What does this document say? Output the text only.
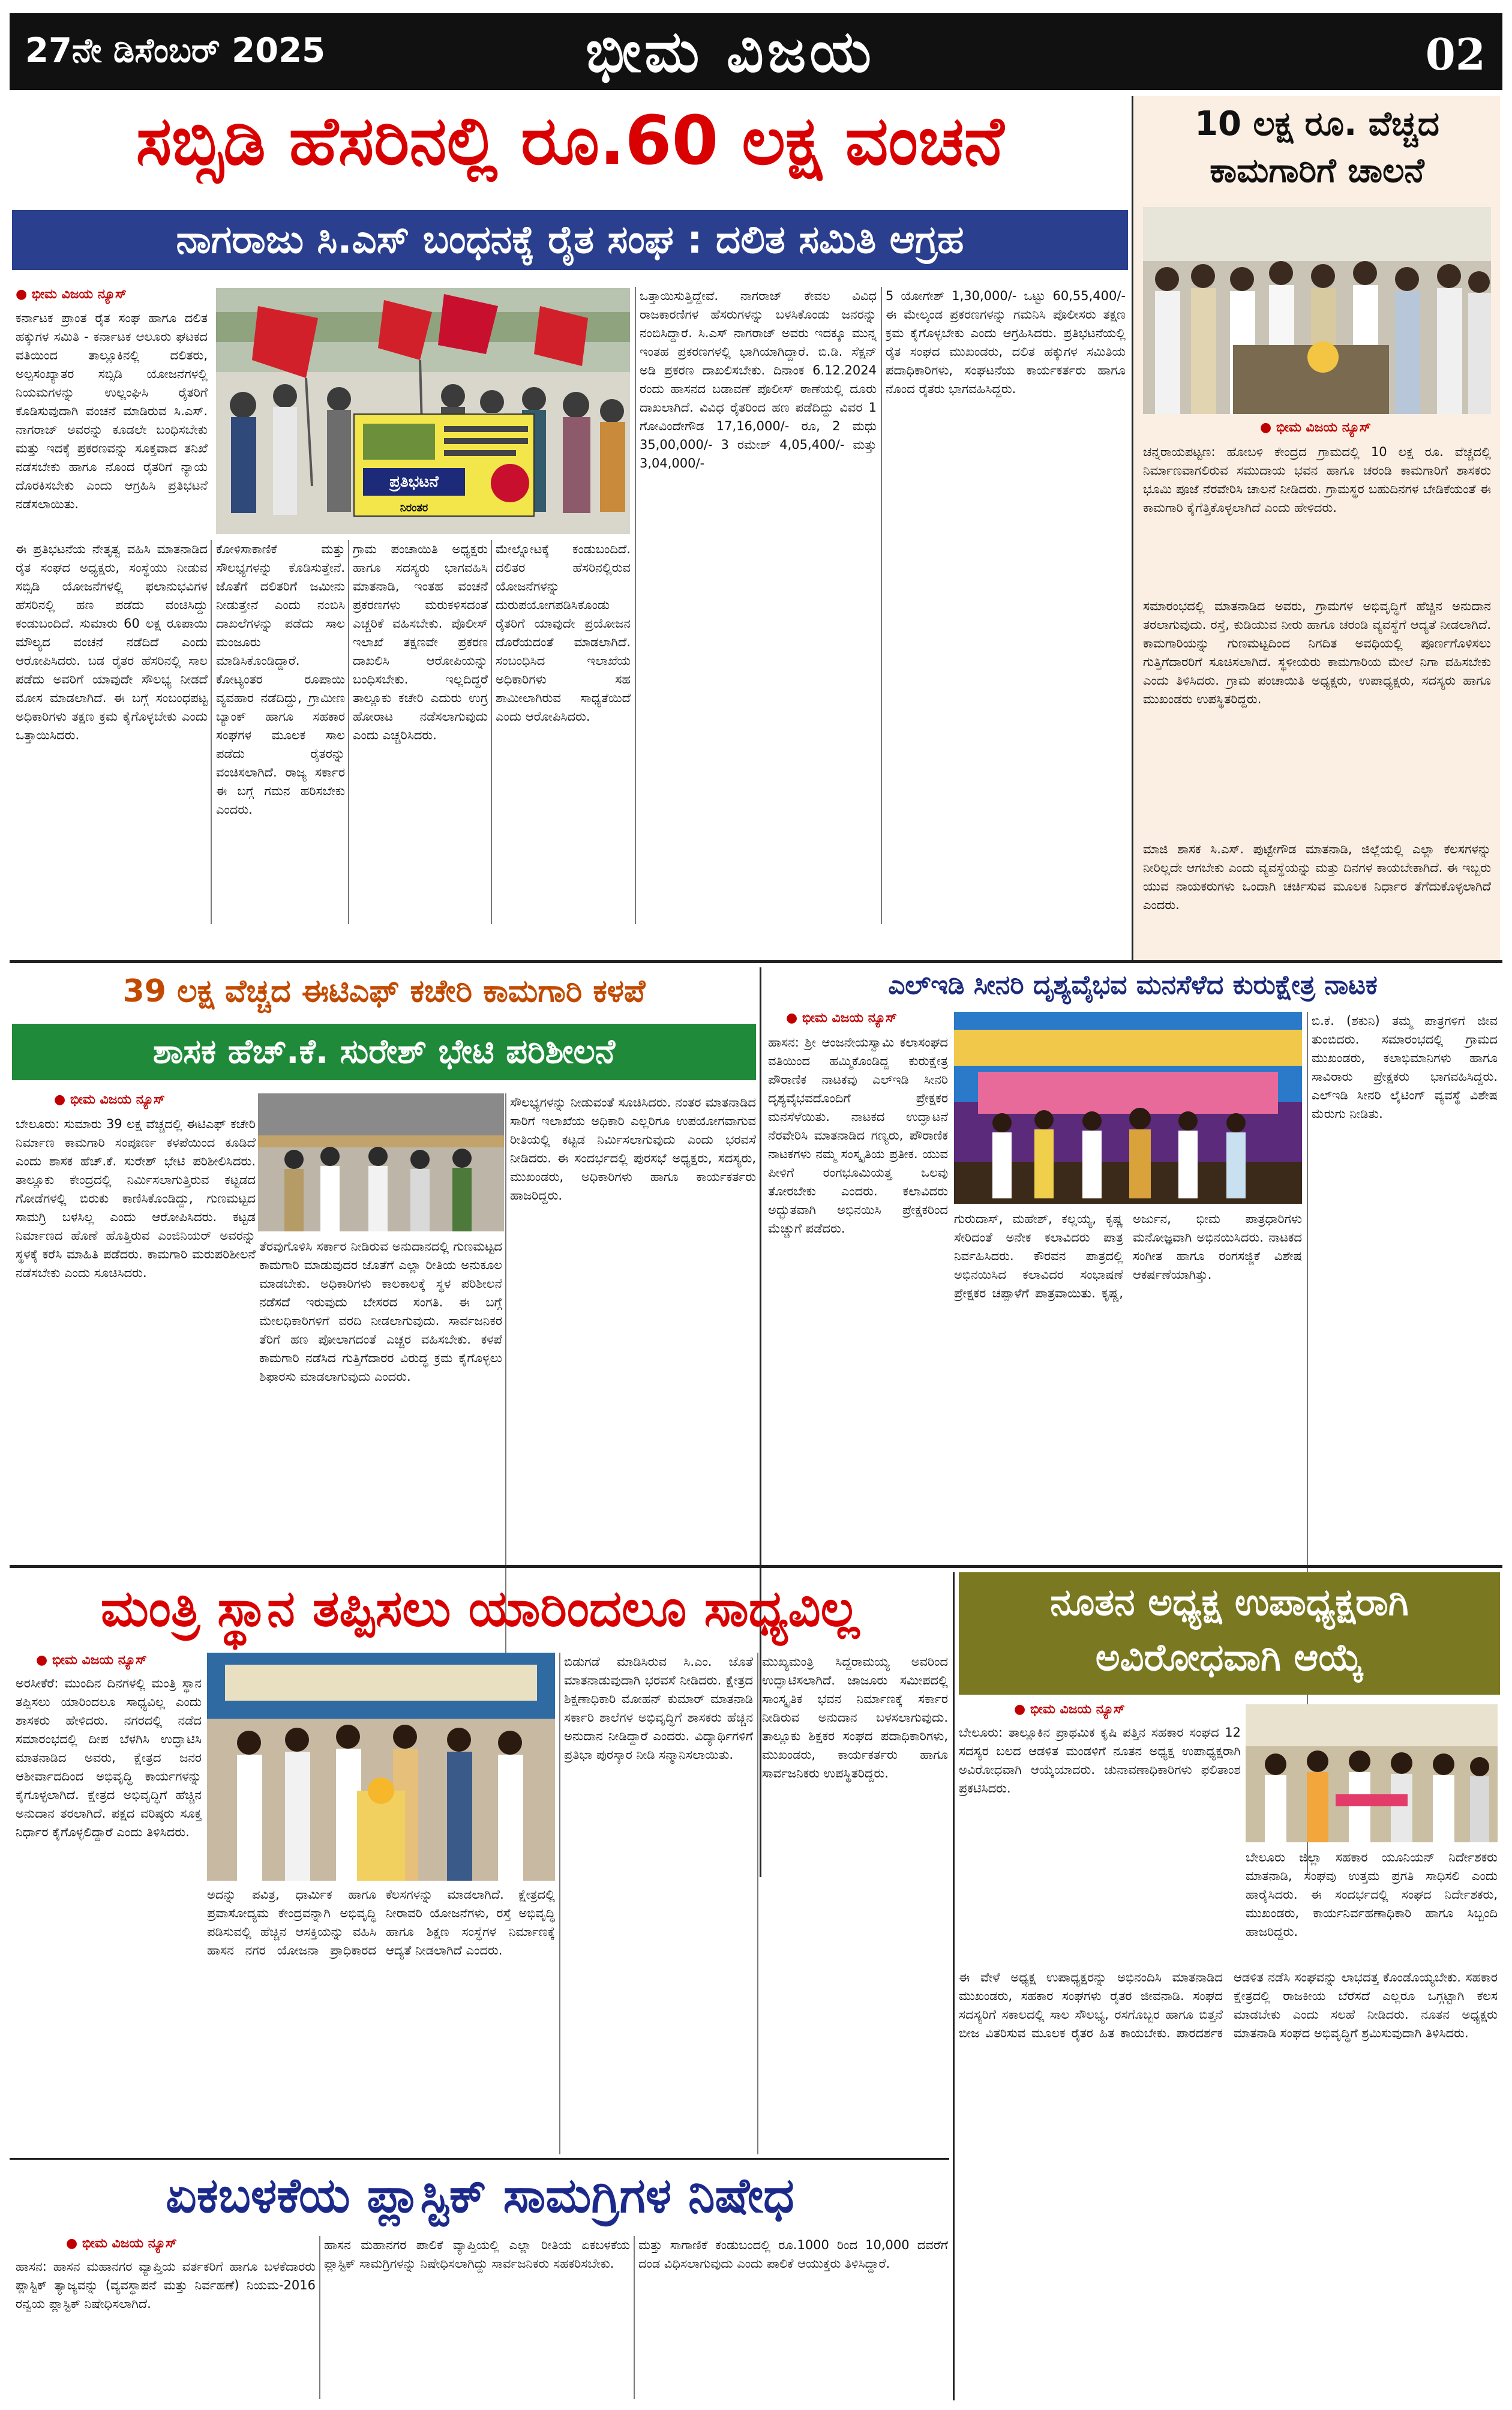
27ನೇ ಡಿಸೆಂಬರ್ 2025	ಭೀಮ ವಿಜಯ	02
ಸಬ್ಸಿಡಿ ಹೆಸರಿನಲ್ಲಿ ರೂ.60 ಲಕ್ಷ ವಂಚನೆ
ನಾಗರಾಜು ಸಿ.ಎಸ್ ಬಂಧನಕ್ಕೆ ರೈತ ಸಂಘ : ದಲಿತ ಸಮಿತಿ ಆಗ್ರಹ
● ಭೀಮ ವಿಜಯ ನ್ಯೂಸ್
ಕರ್ನಾಟಕ ಪ್ರಾಂತ ರೈತ ಸಂಘ ಹಾಗೂ ದಲಿತ ಹಕ್ಕುಗಳ ಸಮಿತಿ - ಕರ್ನಾಟಕ ಆಲೂರು ಘಟಕದ ವತಿಯಿಂದ ತಾಲ್ಲೂಕಿನಲ್ಲಿ ದಲಿತರು, ಅಲ್ಪಸಂಖ್ಯಾತರ ಸಬ್ಸಿಡಿ ಯೋಜನೆಗಳಲ್ಲಿ ನಿಯಮಗಳನ್ನು ಉಲ್ಲಂಘಿಸಿ ರೈತರಿಗೆ ಕೊಡಿಸುವುದಾಗಿ ವಂಚನೆ ಮಾಡಿರುವ ಸಿ.ಎಸ್. ನಾಗರಾಜ್ ಅವರನ್ನು ಕೂಡಲೇ ಬಂಧಿಸಬೇಕು ಮತ್ತು ಇದಕ್ಕೆ ಪ್ರಕರಣವನ್ನು ಸೂಕ್ತವಾದ ತನಿಖೆ ನಡೆಸಬೇಕು ಹಾಗೂ ನೊಂದ ರೈತರಿಗೆ ನ್ಯಾಯ ದೊರಕಿಸಬೇಕು ಎಂದು ಆಗ್ರಹಿಸಿ ಪ್ರತಿಭಟನೆ ನಡೆಸಲಾಯಿತು.
ಪ್ರತಿಭಟನೆ
ನಿರಂತರ
ಈ ಪ್ರತಿಭಟನೆಯ ನೇತೃತ್ವ ವಹಿಸಿ ಮಾತನಾಡಿದ ರೈತ ಸಂಘದ ಅಧ್ಯಕ್ಷರು, ಸಂಸ್ಥೆಯು ನೀಡುವ ಸಬ್ಸಿಡಿ ಯೋಜನೆಗಳಲ್ಲಿ ಫಲಾನುಭವಿಗಳ ಹೆಸರಿನಲ್ಲಿ ಹಣ ಪಡೆದು ವಂಚಿಸಿದ್ದು ಕಂಡುಬಂದಿದೆ. ಸುಮಾರು 60 ಲಕ್ಷ ರೂಪಾಯಿ ಮೌಲ್ಯದ ವಂಚನೆ ನಡೆದಿದೆ ಎಂದು ಆರೋಪಿಸಿದರು. ಬಡ ರೈತರ ಹೆಸರಿನಲ್ಲಿ ಸಾಲ ಪಡೆದು ಅವರಿಗೆ ಯಾವುದೇ ಸೌಲಭ್ಯ ನೀಡದೆ ಮೋಸ ಮಾಡಲಾಗಿದೆ. ಈ ಬಗ್ಗೆ ಸಂಬಂಧಪಟ್ಟ ಅಧಿಕಾರಿಗಳು ತಕ್ಷಣ ಕ್ರಮ ಕೈಗೊಳ್ಳಬೇಕು ಎಂದು ಒತ್ತಾಯಿಸಿದರು.
ಕೋಳಿಸಾಕಾಣಿಕೆ ಮತ್ತು ಸೌಲಭ್ಯಗಳನ್ನು ಕೊಡಿಸುತ್ತೇನೆ. ಜೊತೆಗೆ ದಲಿತರಿಗೆ ಜಮೀನು ನೀಡುತ್ತೇನೆ ಎಂದು ನಂಬಿಸಿ ದಾಖಲೆಗಳನ್ನು ಪಡೆದು ಸಾಲ ಮಂಜೂರು ಮಾಡಿಸಿಕೊಂಡಿದ್ದಾರೆ. ಕೋಟ್ಯಂತರ ರೂಪಾಯಿ ವ್ಯವಹಾರ ನಡೆದಿದ್ದು, ಗ್ರಾಮೀಣ ಬ್ಯಾಂಕ್ ಹಾಗೂ ಸಹಕಾರ ಸಂಘಗಳ ಮೂಲಕ ಸಾಲ ಪಡೆದು ರೈತರನ್ನು ವಂಚಿಸಲಾಗಿದೆ. ರಾಜ್ಯ ಸರ್ಕಾರ ಈ ಬಗ್ಗೆ ಗಮನ ಹರಿಸಬೇಕು ಎಂದರು.
ಗ್ರಾಮ ಪಂಚಾಯಿತಿ ಅಧ್ಯಕ್ಷರು ಹಾಗೂ ಸದಸ್ಯರು ಭಾಗವಹಿಸಿ ಮಾತನಾಡಿ, ಇಂತಹ ವಂಚನೆ ಪ್ರಕರಣಗಳು ಮರುಕಳಿಸದಂತೆ ಎಚ್ಚರಿಕೆ ವಹಿಸಬೇಕು. ಪೊಲೀಸ್ ಇಲಾಖೆ ತಕ್ಷಣವೇ ಪ್ರಕರಣ ದಾಖಲಿಸಿ ಆರೋಪಿಯನ್ನು ಬಂಧಿಸಬೇಕು. ಇಲ್ಲದಿದ್ದರೆ ತಾಲ್ಲೂಕು ಕಚೇರಿ ಎದುರು ಉಗ್ರ ಹೋರಾಟ ನಡೆಸಲಾಗುವುದು ಎಂದು ಎಚ್ಚರಿಸಿದರು.
ಮೇಲ್ನೋಟಕ್ಕೆ ಕಂಡುಬಂದಿದೆ. ದಲಿತರ ಹೆಸರಿನಲ್ಲಿರುವ ಯೋಜನೆಗಳನ್ನು ದುರುಪಯೋಗಪಡಿಸಿಕೊಂಡು ರೈತರಿಗೆ ಯಾವುದೇ ಪ್ರಯೋಜನ ದೊರೆಯದಂತೆ ಮಾಡಲಾಗಿದೆ. ಸಂಬಂಧಿಸಿದ ಇಲಾಖೆಯ ಅಧಿಕಾರಿಗಳು ಸಹ ಶಾಮೀಲಾಗಿರುವ ಸಾಧ್ಯತೆಯಿದೆ ಎಂದು ಆರೋಪಿಸಿದರು.
ಒತ್ತಾಯಿಸುತ್ತಿದ್ದೇವೆ. ನಾಗರಾಜ್ ಕೇವಲ ವಿವಿಧ ರಾಜಕಾರಣಿಗಳ ಹೆಸರುಗಳನ್ನು ಬಳಸಿಕೊಂಡು ಜನರನ್ನು ನಂಬಿಸಿದ್ದಾರೆ. ಸಿ.ಎಸ್ ನಾಗರಾಜ್ ಅವರು ಇದಕ್ಕೂ ಮುನ್ನ ಇಂತಹ ಪ್ರಕರಣಗಳಲ್ಲಿ ಭಾಗಿಯಾಗಿದ್ದಾರೆ. ಬಿ.ಡಿ. ಸೆಕ್ಷನ್ ಅಡಿ ಪ್ರಕರಣ ದಾಖಲಿಸಬೇಕು. ದಿನಾಂಕ 6.12.2024 ರಂದು ಹಾಸನದ ಬಡಾವಣೆ ಪೊಲೀಸ್ ಠಾಣೆಯಲ್ಲಿ ದೂರು ದಾಖಲಾಗಿದೆ. ವಿವಿಧ ರೈತರಿಂದ ಹಣ ಪಡೆದಿದ್ದು ವಿವರ 1 ಗೋವಿಂದೇಗೌಡ 17,16,000/- ರೂ, 2 ಮಧು 35,00,000/- 3 ರಮೇಶ್ 4,05,400/- ಮತ್ತು 3,04,000/-
5 ಯೋಗೇಶ್ 1,30,000/- ಒಟ್ಟು 60,55,400/- ಈ ಮೇಲ್ಕಂಡ ಪ್ರಕರಣಗಳನ್ನು ಗಮನಿಸಿ ಪೊಲೀಸರು ತಕ್ಷಣ ಕ್ರಮ ಕೈಗೊಳ್ಳಬೇಕು ಎಂದು ಆಗ್ರಹಿಸಿದರು. ಪ್ರತಿಭಟನೆಯಲ್ಲಿ ರೈತ ಸಂಘದ ಮುಖಂಡರು, ದಲಿತ ಹಕ್ಕುಗಳ ಸಮಿತಿಯ ಪದಾಧಿಕಾರಿಗಳು, ಸಂಘಟನೆಯ ಕಾರ್ಯಕರ್ತರು ಹಾಗೂ ನೊಂದ ರೈತರು ಭಾಗವಹಿಸಿದ್ದರು.
10 ಲಕ್ಷ ರೂ. ವೆಚ್ಚದ ಕಾಮಗಾರಿಗೆ ಚಾಲನೆ
● ಭೀಮ ವಿಜಯ ನ್ಯೂಸ್
ಚನ್ನರಾಯಪಟ್ಟಣ: ಹೋಬಳಿ ಕೇಂದ್ರದ ಗ್ರಾಮದಲ್ಲಿ 10 ಲಕ್ಷ ರೂ. ವೆಚ್ಚದಲ್ಲಿ ನಿರ್ಮಾಣವಾಗಲಿರುವ ಸಮುದಾಯ ಭವನ ಹಾಗೂ ಚರಂಡಿ ಕಾಮಗಾರಿಗೆ ಶಾಸಕರು ಭೂಮಿ ಪೂಜೆ ನೆರವೇರಿಸಿ ಚಾಲನೆ ನೀಡಿದರು. ಗ್ರಾಮಸ್ಥರ ಬಹುದಿನಗಳ ಬೇಡಿಕೆಯಂತೆ ಈ ಕಾಮಗಾರಿ ಕೈಗೆತ್ತಿಕೊಳ್ಳಲಾಗಿದೆ ಎಂದು ಹೇಳಿದರು.
ಸಮಾರಂಭದಲ್ಲಿ ಮಾತನಾಡಿದ ಅವರು, ಗ್ರಾಮಗಳ ಅಭಿವೃದ್ಧಿಗೆ ಹೆಚ್ಚಿನ ಅನುದಾನ ತರಲಾಗುವುದು. ರಸ್ತೆ, ಕುಡಿಯುವ ನೀರು ಹಾಗೂ ಚರಂಡಿ ವ್ಯವಸ್ಥೆಗೆ ಆದ್ಯತೆ ನೀಡಲಾಗಿದೆ. ಕಾಮಗಾರಿಯನ್ನು ಗುಣಮಟ್ಟದಿಂದ ನಿಗದಿತ ಅವಧಿಯಲ್ಲಿ ಪೂರ್ಣಗೊಳಿಸಲು ಗುತ್ತಿಗೆದಾರರಿಗೆ ಸೂಚಿಸಲಾಗಿದೆ. ಸ್ಥಳೀಯರು ಕಾಮಗಾರಿಯ ಮೇಲೆ ನಿಗಾ ವಹಿಸಬೇಕು ಎಂದು ತಿಳಿಸಿದರು. ಗ್ರಾಮ ಪಂಚಾಯಿತಿ ಅಧ್ಯಕ್ಷರು, ಉಪಾಧ್ಯಕ್ಷರು, ಸದಸ್ಯರು ಹಾಗೂ ಮುಖಂಡರು ಉಪಸ್ಥಿತರಿದ್ದರು.
ಮಾಜಿ ಶಾಸಕ ಸಿ.ಎಸ್. ಪುಟ್ಟೇಗೌಡ ಮಾತನಾಡಿ, ಜಿಲ್ಲೆಯಲ್ಲಿ ಎಲ್ಲಾ ಕೆಲಸಗಳನ್ನು ನೀರಿಲ್ಲದೇ ಆಗಬೇಕು ಎಂದು ವ್ಯವಸ್ಥೆಯನ್ನು ಮತ್ತು ದಿನಗಳ ಕಾಯಬೇಕಾಗಿದೆ. ಈ ಇಬ್ಬರು ಯುವ ನಾಯಕರುಗಳು ಒಂದಾಗಿ ಚರ್ಚಿಸುವ ಮೂಲಕ ನಿರ್ಧಾರ ತೆಗೆದುಕೊಳ್ಳಲಾಗಿದೆ ಎಂದರು.
39 ಲಕ್ಷ ವೆಚ್ಚದ ಈಟಿಎಫ್ ಕಚೇರಿ ಕಾಮಗಾರಿ ಕಳಪೆ
ಶಾಸಕ ಹೆಚ್.ಕೆ. ಸುರೇಶ್ ಭೇಟಿ ಪರಿಶೀಲನೆ
● ಭೀಮ ವಿಜಯ ನ್ಯೂಸ್
ಬೇಲೂರು: ಸುಮಾರು 39 ಲಕ್ಷ ವೆಚ್ಚದಲ್ಲಿ ಈಟಿಎಫ್ ಕಚೇರಿ ನಿರ್ಮಾಣ ಕಾಮಗಾರಿ ಸಂಪೂರ್ಣ ಕಳಪೆಯಿಂದ ಕೂಡಿದೆ ಎಂದು ಶಾಸಕ ಹೆಚ್.ಕೆ. ಸುರೇಶ್ ಭೇಟಿ ಪರಿಶೀಲಿಸಿದರು. ತಾಲ್ಲೂಕು ಕೇಂದ್ರದಲ್ಲಿ ನಿರ್ಮಿಸಲಾಗುತ್ತಿರುವ ಕಟ್ಟಡದ ಗೋಡೆಗಳಲ್ಲಿ ಬಿರುಕು ಕಾಣಿಸಿಕೊಂಡಿದ್ದು, ಗುಣಮಟ್ಟದ ಸಾಮಗ್ರಿ ಬಳಸಿಲ್ಲ ಎಂದು ಆರೋಪಿಸಿದರು. ಕಟ್ಟಡ ನಿರ್ಮಾಣದ ಹೊಣೆ ಹೊತ್ತಿರುವ ಎಂಜಿನಿಯರ್ ಅವರನ್ನು ಸ್ಥಳಕ್ಕೆ ಕರೆಸಿ ಮಾಹಿತಿ ಪಡೆದರು. ಕಾಮಗಾರಿ ಮರುಪರಿಶೀಲನೆ ನಡೆಸಬೇಕು ಎಂದು ಸೂಚಿಸಿದರು.
ತೆರವುಗೊಳಿಸಿ ಸರ್ಕಾರ ನೀಡಿರುವ ಅನುದಾನದಲ್ಲಿ ಗುಣಮಟ್ಟದ ಕಾಮಗಾರಿ ಮಾಡುವುದರ ಜೊತೆಗೆ ಎಲ್ಲಾ ರೀತಿಯ ಅನುಕೂಲ ಮಾಡಬೇಕು. ಅಧಿಕಾರಿಗಳು ಕಾಲಕಾಲಕ್ಕೆ ಸ್ಥಳ ಪರಿಶೀಲನೆ ನಡೆಸದೆ ಇರುವುದು ಬೇಸರದ ಸಂಗತಿ. ಈ ಬಗ್ಗೆ ಮೇಲಧಿಕಾರಿಗಳಿಗೆ ವರದಿ ನೀಡಲಾಗುವುದು. ಸಾರ್ವಜನಿಕರ ತೆರಿಗೆ ಹಣ ಪೋಲಾಗದಂತೆ ಎಚ್ಚರ ವಹಿಸಬೇಕು. ಕಳಪೆ ಕಾಮಗಾರಿ ನಡೆಸಿದ ಗುತ್ತಿಗೆದಾರರ ವಿರುದ್ಧ ಕ್ರಮ ಕೈಗೊಳ್ಳಲು ಶಿಫಾರಸು ಮಾಡಲಾಗುವುದು ಎಂದರು.
ಸೌಲಭ್ಯಗಳನ್ನು ನೀಡುವಂತೆ ಸೂಚಿಸಿದರು. ನಂತರ ಮಾತನಾಡಿದ ಸಾರಿಗೆ ಇಲಾಖೆಯ ಅಧಿಕಾರಿ ಎಲ್ಲರಿಗೂ ಉಪಯೋಗವಾಗುವ ರೀತಿಯಲ್ಲಿ ಕಟ್ಟಡ ನಿರ್ಮಿಸಲಾಗುವುದು ಎಂದು ಭರವಸೆ ನೀಡಿದರು. ಈ ಸಂದರ್ಭದಲ್ಲಿ ಪುರಸಭೆ ಅಧ್ಯಕ್ಷರು, ಸದಸ್ಯರು, ಮುಖಂಡರು, ಅಧಿಕಾರಿಗಳು ಹಾಗೂ ಕಾರ್ಯಕರ್ತರು ಹಾಜರಿದ್ದರು.
ಎಲ್ಇಡಿ ಸೀನರಿ ದೃಶ್ಯವೈಭವ ಮನಸೆಳೆದ ಕುರುಕ್ಷೇತ್ರ ನಾಟಕ
● ಭೀಮ ವಿಜಯ ನ್ಯೂಸ್
ಹಾಸನ: ಶ್ರೀ ಆಂಜನೇಯಸ್ವಾಮಿ ಕಲಾಸಂಘದ ವತಿಯಿಂದ ಹಮ್ಮಿಕೊಂಡಿದ್ದ ಕುರುಕ್ಷೇತ್ರ ಪೌರಾಣಿಕ ನಾಟಕವು ಎಲ್ಇಡಿ ಸೀನರಿ ದೃಶ್ಯವೈಭವದೊಂದಿಗೆ ಪ್ರೇಕ್ಷಕರ ಮನಸೆಳೆಯಿತು. ನಾಟಕದ ಉದ್ಘಾಟನೆ ನೆರವೇರಿಸಿ ಮಾತನಾಡಿದ ಗಣ್ಯರು, ಪೌರಾಣಿಕ ನಾಟಕಗಳು ನಮ್ಮ ಸಂಸ್ಕೃತಿಯ ಪ್ರತೀಕ. ಯುವ ಪೀಳಿಗೆ ರಂಗಭೂಮಿಯತ್ತ ಒಲವು ತೋರಬೇಕು ಎಂದರು. ಕಲಾವಿದರು ಅದ್ಭುತವಾಗಿ ಅಭಿನಯಿಸಿ ಪ್ರೇಕ್ಷಕರಿಂದ ಮೆಚ್ಚುಗೆ ಪಡೆದರು.
ಗುರುದಾಸ್, ಮಹೇಶ್, ಕಲ್ಲಯ್ಯ, ಕೃಷ್ಣ ಸೇರಿದಂತೆ ಅನೇಕ ಕಲಾವಿದರು ಪಾತ್ರ ನಿರ್ವಹಿಸಿದರು. ಕೌರವನ ಪಾತ್ರದಲ್ಲಿ ಅಭಿನಯಿಸಿದ ಕಲಾವಿದರ ಸಂಭಾಷಣೆ ಪ್ರೇಕ್ಷಕರ ಚಪ್ಪಾಳೆಗೆ ಪಾತ್ರವಾಯಿತು. ಕೃಷ್ಣ, ಅರ್ಜುನ, ಭೀಮ ಪಾತ್ರಧಾರಿಗಳು ಮನೋಜ್ಞವಾಗಿ ಅಭಿನಯಿಸಿದರು. ನಾಟಕದ ಸಂಗೀತ ಹಾಗೂ ರಂಗಸಜ್ಜಿಕೆ ವಿಶೇಷ ಆಕರ್ಷಣೆಯಾಗಿತ್ತು.
ಬಿ.ಕೆ. (ಶಕುನಿ) ತಮ್ಮ ಪಾತ್ರಗಳಿಗೆ ಜೀವ ತುಂಬಿದರು. ಸಮಾರಂಭದಲ್ಲಿ ಗ್ರಾಮದ ಮುಖಂಡರು, ಕಲಾಭಿಮಾನಿಗಳು ಹಾಗೂ ಸಾವಿರಾರು ಪ್ರೇಕ್ಷಕರು ಭಾಗವಹಿಸಿದ್ದರು. ಎಲ್ಇಡಿ ಸೀನರಿ ಲೈಟಿಂಗ್ ವ್ಯವಸ್ಥೆ ವಿಶೇಷ ಮೆರುಗು ನೀಡಿತು.
ಮಂತ್ರಿ ಸ್ಥಾನ ತಪ್ಪಿಸಲು ಯಾರಿಂದಲೂ ಸಾಧ್ಯವಿಲ್ಲ
● ಭೀಮ ವಿಜಯ ನ್ಯೂಸ್
ಅರಸೀಕೆರೆ: ಮುಂದಿನ ದಿನಗಳಲ್ಲಿ ಮಂತ್ರಿ ಸ್ಥಾನ ತಪ್ಪಿಸಲು ಯಾರಿಂದಲೂ ಸಾಧ್ಯವಿಲ್ಲ ಎಂದು ಶಾಸಕರು ಹೇಳಿದರು. ನಗರದಲ್ಲಿ ನಡೆದ ಸಮಾರಂಭದಲ್ಲಿ ದೀಪ ಬೆಳಗಿಸಿ ಉದ್ಘಾಟಿಸಿ ಮಾತನಾಡಿದ ಅವರು, ಕ್ಷೇತ್ರದ ಜನರ ಆಶೀರ್ವಾದದಿಂದ ಅಭಿವೃದ್ಧಿ ಕಾರ್ಯಗಳನ್ನು ಕೈಗೊಳ್ಳಲಾಗಿದೆ. ಕ್ಷೇತ್ರದ ಅಭಿವೃದ್ಧಿಗೆ ಹೆಚ್ಚಿನ ಅನುದಾನ ತರಲಾಗಿದೆ. ಪಕ್ಷದ ವರಿಷ್ಠರು ಸೂಕ್ತ ನಿರ್ಧಾರ ಕೈಗೊಳ್ಳಲಿದ್ದಾರೆ ಎಂದು ತಿಳಿಸಿದರು.
ಅದನ್ನು ಪವಿತ್ರ, ಧಾರ್ಮಿಕ ಹಾಗೂ ಪ್ರವಾಸೋದ್ಯಮ ಕೇಂದ್ರವನ್ನಾಗಿ ಅಭಿವೃದ್ಧಿ ಪಡಿಸುವಲ್ಲಿ ಹೆಚ್ಚಿನ ಆಸಕ್ತಿಯನ್ನು ವಹಿಸಿ ಹಾಸನ ನಗರ ಯೋಜನಾ ಪ್ರಾಧಿಕಾರದ ಕೆಲಸಗಳನ್ನು ಮಾಡಲಾಗಿದೆ. ಕ್ಷೇತ್ರದಲ್ಲಿ ನೀರಾವರಿ ಯೋಜನೆಗಳು, ರಸ್ತೆ ಅಭಿವೃದ್ಧಿ ಹಾಗೂ ಶಿಕ್ಷಣ ಸಂಸ್ಥೆಗಳ ನಿರ್ಮಾಣಕ್ಕೆ ಆದ್ಯತೆ ನೀಡಲಾಗಿದೆ ಎಂದರು.
ಬಿಡುಗಡೆ ಮಾಡಿಸಿರುವ ಸಿ.ಎಂ. ಜೊತೆ ಮಾತನಾಡುವುದಾಗಿ ಭರವಸೆ ನೀಡಿದರು. ಕ್ಷೇತ್ರದ ಶಿಕ್ಷಣಾಧಿಕಾರಿ ಮೋಹನ್ ಕುಮಾರ್ ಮಾತನಾಡಿ ಸರ್ಕಾರಿ ಶಾಲೆಗಳ ಅಭಿವೃದ್ಧಿಗೆ ಶಾಸಕರು ಹೆಚ್ಚಿನ ಅನುದಾನ ನೀಡಿದ್ದಾರೆ ಎಂದರು. ವಿದ್ಯಾರ್ಥಿಗಳಿಗೆ ಪ್ರತಿಭಾ ಪುರಸ್ಕಾರ ನೀಡಿ ಸನ್ಮಾನಿಸಲಾಯಿತು.
ಮುಖ್ಯಮಂತ್ರಿ ಸಿದ್ದರಾಮಯ್ಯ ಅವರಿಂದ ಉದ್ಘಾಟಿಸಲಾಗಿದೆ. ಜಾಜೂರು ಸಮೀಪದಲ್ಲಿ ಸಾಂಸ್ಕೃತಿಕ ಭವನ ನಿರ್ಮಾಣಕ್ಕೆ ಸರ್ಕಾರ ನೀಡಿರುವ ಅನುದಾನ ಬಳಸಲಾಗುವುದು. ತಾಲ್ಲೂಕು ಶಿಕ್ಷಕರ ಸಂಘದ ಪದಾಧಿಕಾರಿಗಳು, ಮುಖಂಡರು, ಕಾರ್ಯಕರ್ತರು ಹಾಗೂ ಸಾರ್ವಜನಿಕರು ಉಪಸ್ಥಿತರಿದ್ದರು.
ನೂತನ ಅಧ್ಯಕ್ಷ ಉಪಾಧ್ಯಕ್ಷರಾಗಿ ಅವಿರೋಧವಾಗಿ ಆಯ್ಕೆ
● ಭೀಮ ವಿಜಯ ನ್ಯೂಸ್
ಬೇಲೂರು: ತಾಲ್ಲೂಕಿನ ಪ್ರಾಥಮಿಕ ಕೃಷಿ ಪತ್ತಿನ ಸಹಕಾರ ಸಂಘದ 12 ಸದಸ್ಯರ ಬಲದ ಆಡಳಿತ ಮಂಡಳಿಗೆ ನೂತನ ಅಧ್ಯಕ್ಷ ಉಪಾಧ್ಯಕ್ಷರಾಗಿ ಅವಿರೋಧವಾಗಿ ಆಯ್ಕೆಯಾದರು. ಚುನಾವಣಾಧಿಕಾರಿಗಳು ಫಲಿತಾಂಶ ಪ್ರಕಟಿಸಿದರು.
ಬೇಲೂರು ಜಿಲ್ಲಾ ಸಹಕಾರ ಯೂನಿಯನ್ ನಿರ್ದೇಶಕರು ಮಾತನಾಡಿ, ಸಂಘವು ಉತ್ತಮ ಪ್ರಗತಿ ಸಾಧಿಸಲಿ ಎಂದು ಹಾರೈಸಿದರು. ಈ ಸಂದರ್ಭದಲ್ಲಿ ಸಂಘದ ನಿರ್ದೇಶಕರು, ಮುಖಂಡರು, ಕಾರ್ಯನಿರ್ವಹಣಾಧಿಕಾರಿ ಹಾಗೂ ಸಿಬ್ಬಂದಿ ಹಾಜರಿದ್ದರು.
ಈ ವೇಳೆ ಅಧ್ಯಕ್ಷ ಉಪಾಧ್ಯಕ್ಷರನ್ನು ಅಭಿನಂದಿಸಿ ಮಾತನಾಡಿದ ಮುಖಂಡರು, ಸಹಕಾರ ಸಂಘಗಳು ರೈತರ ಜೀವನಾಡಿ. ಸಂಘದ ಸದಸ್ಯರಿಗೆ ಸಕಾಲದಲ್ಲಿ ಸಾಲ ಸೌಲಭ್ಯ, ರಸಗೊಬ್ಬರ ಹಾಗೂ ಬಿತ್ತನೆ ಬೀಜ ವಿತರಿಸುವ ಮೂಲಕ ರೈತರ ಹಿತ ಕಾಯಬೇಕು. ಪಾರದರ್ಶಕ ಆಡಳಿತ ನಡೆಸಿ ಸಂಘವನ್ನು ಲಾಭದತ್ತ ಕೊಂಡೊಯ್ಯಬೇಕು. ಸಹಕಾರ ಕ್ಷೇತ್ರದಲ್ಲಿ ರಾಜಕೀಯ ಬೆರೆಸದೆ ಎಲ್ಲರೂ ಒಗ್ಗಟ್ಟಾಗಿ ಕೆಲಸ ಮಾಡಬೇಕು ಎಂದು ಸಲಹೆ ನೀಡಿದರು. ನೂತನ ಅಧ್ಯಕ್ಷರು ಮಾತನಾಡಿ ಸಂಘದ ಅಭಿವೃದ್ಧಿಗೆ ಶ್ರಮಿಸುವುದಾಗಿ ತಿಳಿಸಿದರು.
ಏಕಬಳಕೆಯ ಪ್ಲಾಸ್ಟಿಕ್ ಸಾಮಗ್ರಿಗಳ ನಿಷೇಧ
● ಭೀಮ ವಿಜಯ ನ್ಯೂಸ್
ಹಾಸನ: ಹಾಸನ ಮಹಾನಗರ ವ್ಯಾಪ್ತಿಯ ವರ್ತಕರಿಗೆ ಹಾಗೂ ಬಳಕೆದಾರರು ಪ್ಲಾಸ್ಟಿಕ್ ತ್ಯಾಜ್ಯವನ್ನು (ವ್ಯವಸ್ಥಾಪನೆ ಮತ್ತು ನಿರ್ವಹಣೆ) ನಿಯಮ-2016 ರನ್ವಯ ಪ್ಲಾಸ್ಟಿಕ್ ನಿಷೇಧಿಸಲಾಗಿದೆ.
ಹಾಸನ ಮಹಾನಗರ ಪಾಲಿಕೆ ವ್ಯಾಪ್ತಿಯಲ್ಲಿ ಎಲ್ಲಾ ರೀತಿಯ ಏಕಬಳಕೆಯ ಪ್ಲಾಸ್ಟಿಕ್ ಸಾಮಗ್ರಿಗಳನ್ನು ನಿಷೇಧಿಸಲಾಗಿದ್ದು ಸಾರ್ವಜನಿಕರು ಸಹಕರಿಸಬೇಕು.
ಮತ್ತು ಸಾಗಾಣಿಕೆ ಕಂಡುಬಂದಲ್ಲಿ ರೂ.1000 ರಿಂದ 10,000 ದವರೆಗೆ ದಂಡ ವಿಧಿಸಲಾಗುವುದು ಎಂದು ಪಾಲಿಕೆ ಆಯುಕ್ತರು ತಿಳಿಸಿದ್ದಾರೆ.
